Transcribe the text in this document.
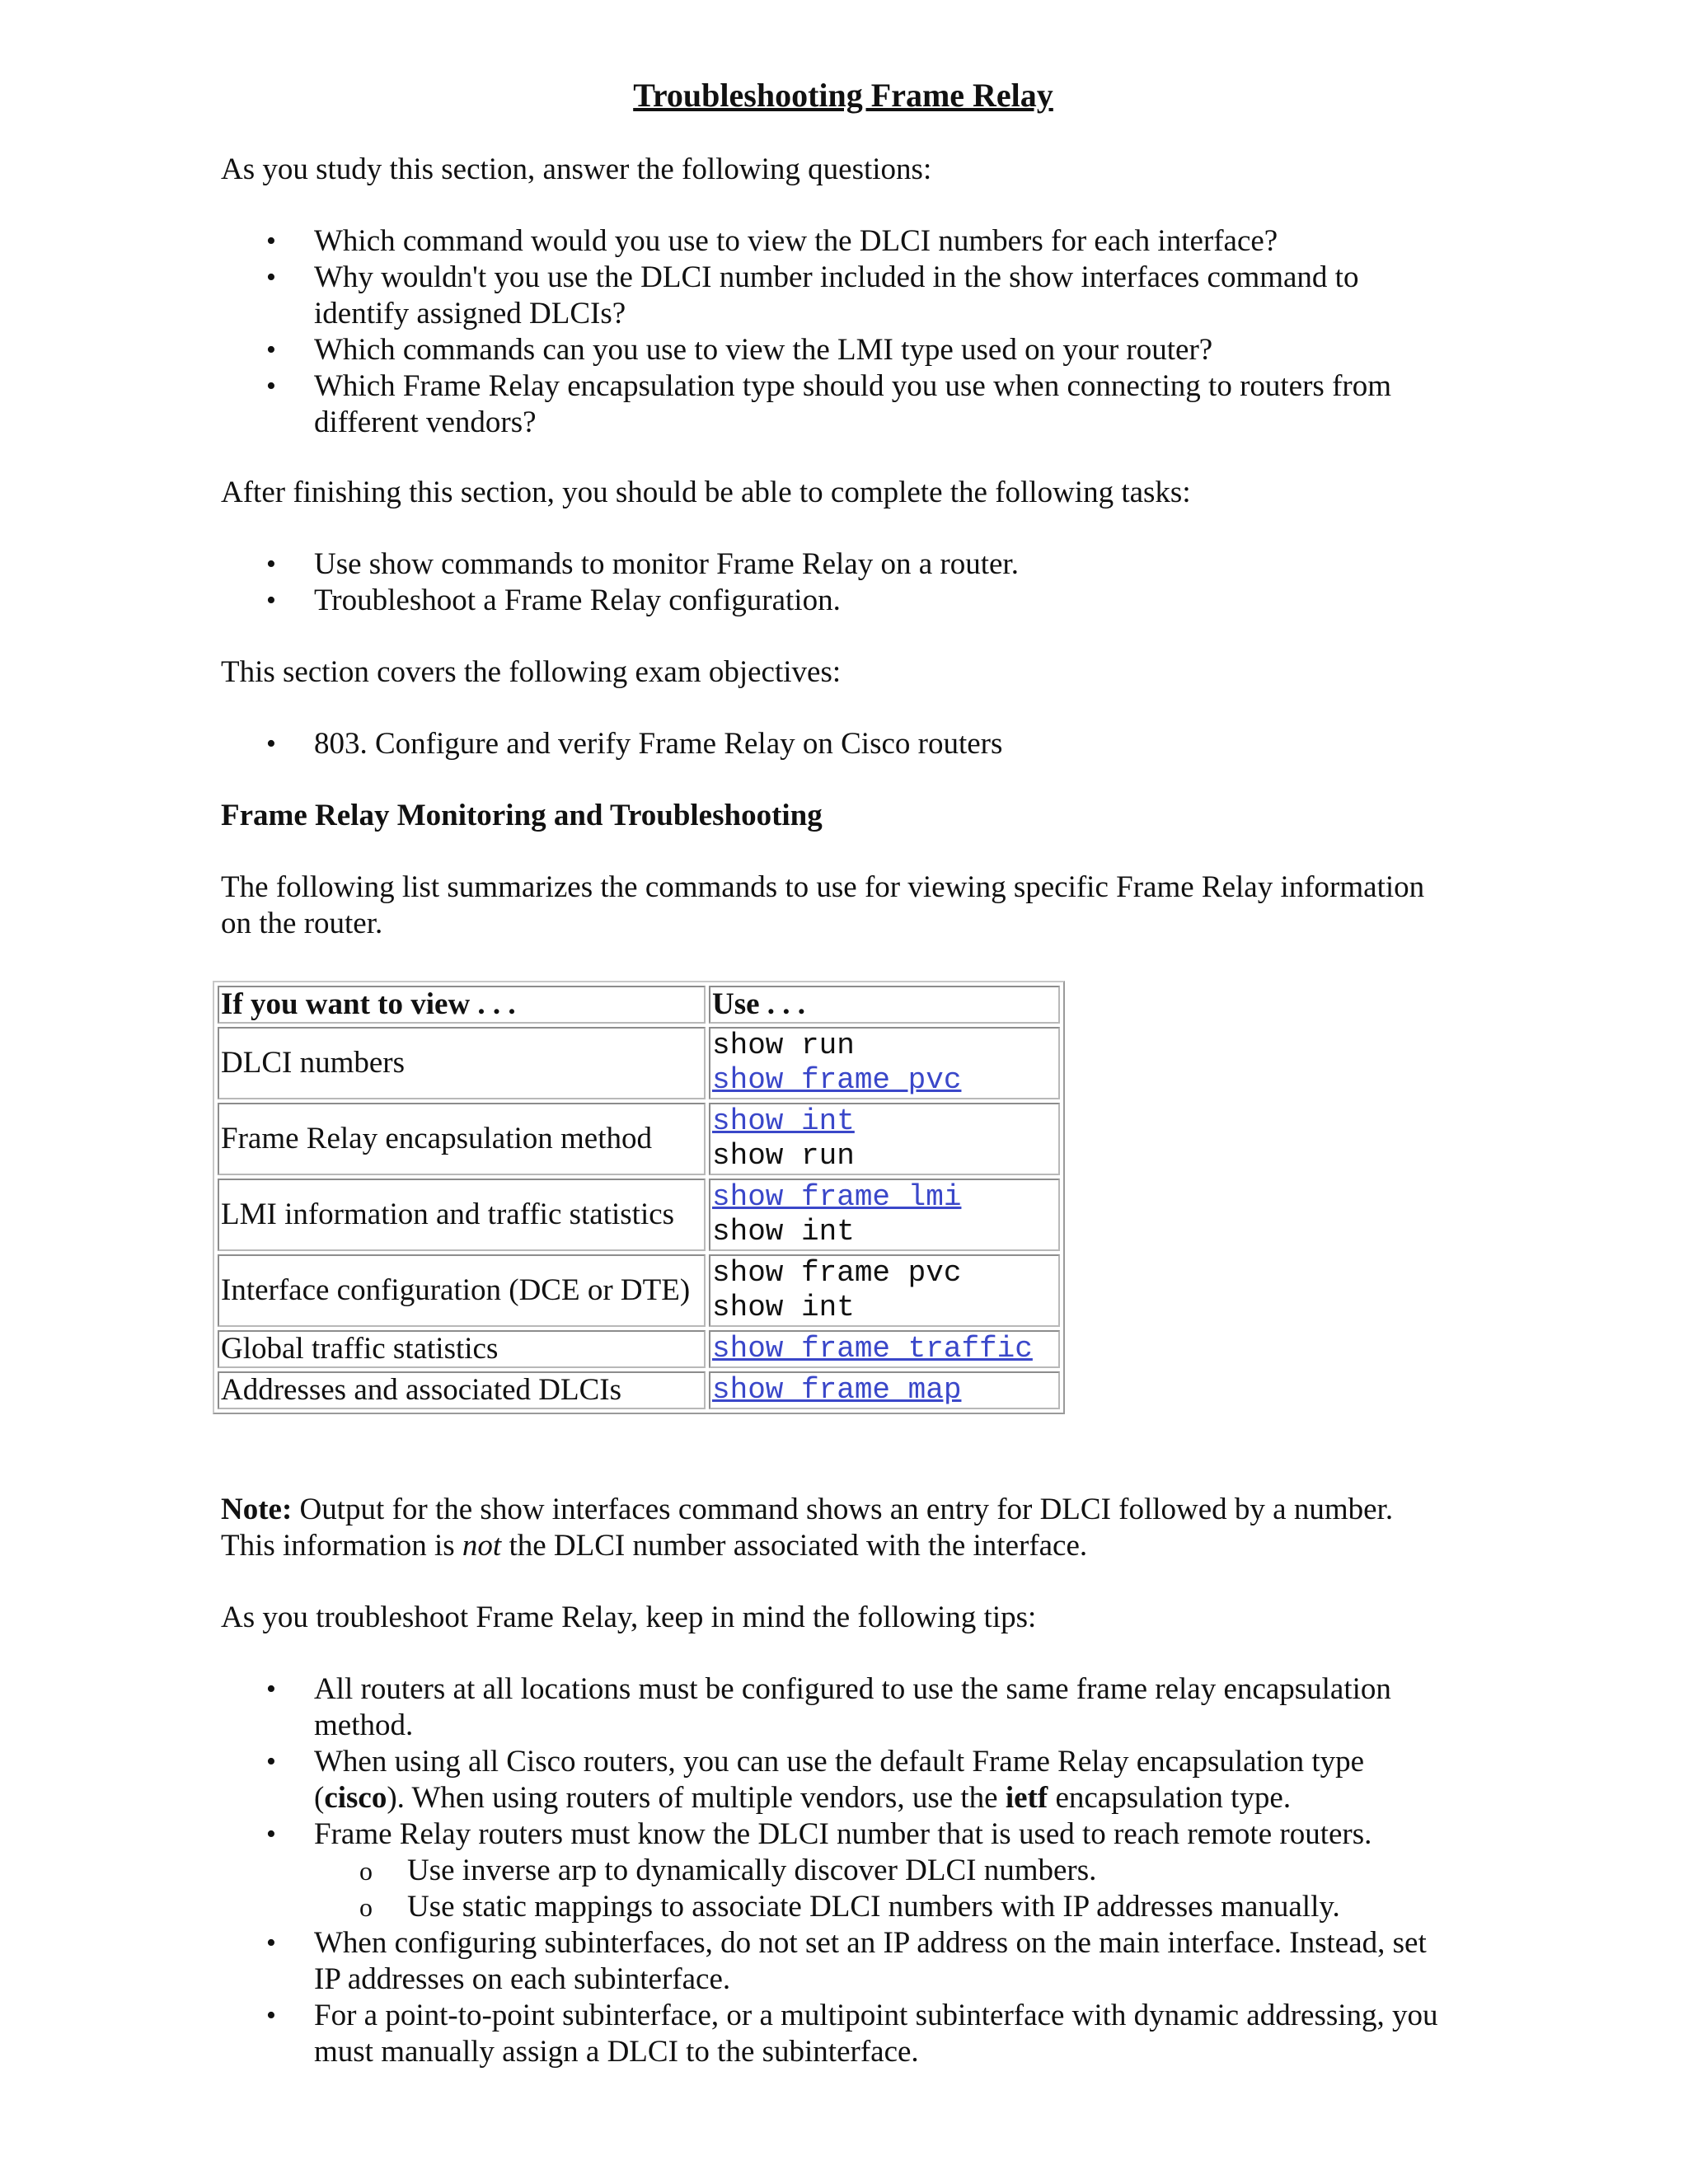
Troubleshooting Frame Relay

As you study this section, answer the following questions:

• Which command would you use to view the DLCI numbers for each interface?
• Why wouldn't you use the DLCI number included in the show interfaces command to
identify assigned DLCIs?
• Which commands can you use to view the LMI type used on your router?
• Which Frame Relay encapsulation type should you use when connecting to routers from
different vendors?

After finishing this section, you should be able to complete the following tasks:

• Use show commands to monitor Frame Relay on a router.
• Troubleshoot a Frame Relay configuration.

This section covers the following exam objectives:

• 803. Configure and verify Frame Relay on Cisco routers

Frame Relay Monitoring and Troubleshooting

The following list summarizes the commands to use for viewing specific Frame Relay information
on the router.

If you want to view . . .	Use . . .
DLCI numbers	show run
show frame pvc

Frame Relay encapsulation method	show int
show run

LMI information and traffic statistics	show frame lmi
show int

Interface configuration (DCE or DTE)	show frame pvc
show int

Global traffic statistics	show frame traffic

Addresses and associated DLCIs	show frame map

Note: Output for the show interfaces command shows an entry for DLCI followed by a number.
This information is not the DLCI number associated with the interface.

As you troubleshoot Frame Relay, keep in mind the following tips:

• All routers at all locations must be configured to use the same frame relay encapsulation
method.
• When using all Cisco routers, you can use the default Frame Relay encapsulation type
(cisco). When using routers of multiple vendors, use the ietf encapsulation type.
• Frame Relay routers must know the DLCI number that is used to reach remote routers.
o Use inverse arp to dynamically discover DLCI numbers.
o Use static mappings to associate DLCI numbers with IP addresses manually.
• When configuring subinterfaces, do not set an IP address on the main interface. Instead, set
IP addresses on each subinterface.
• For a point-to-point subinterface, or a multipoint subinterface with dynamic addressing, you
must manually assign a DLCI to the subinterface.
